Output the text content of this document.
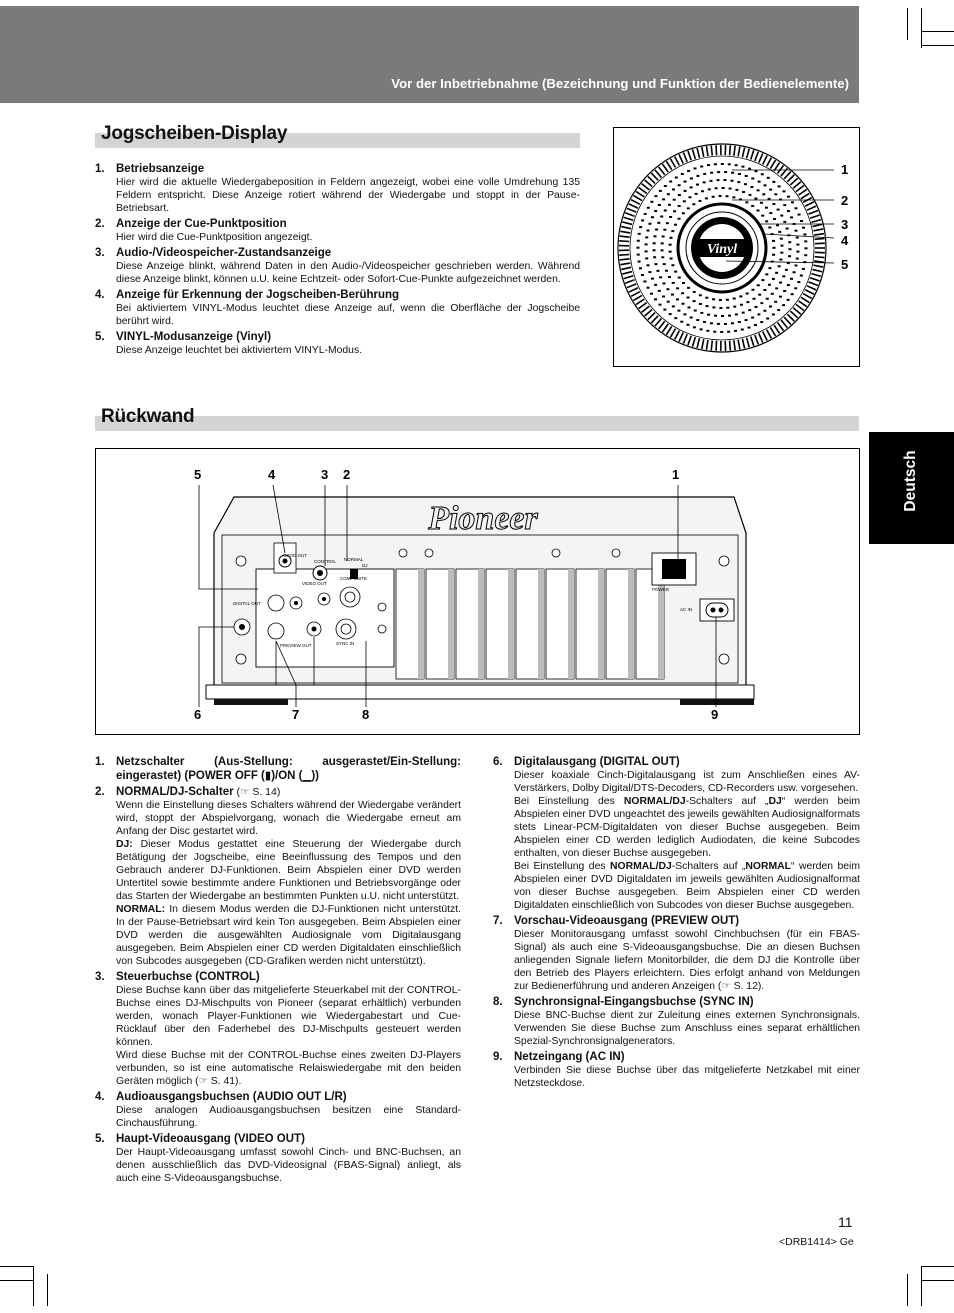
Vor der Inbetriebnahme (Bezeichnung und Funktion der Bedienelemente)
Jogscheiben-Display
1. Betriebsanzeige
Hier wird die aktuelle Wiedergabeposition in Feldern angezeigt, wobei eine volle Umdrehung 135 Feldern entspricht. Diese Anzeige rotiert während der Wiedergabe und stoppt in der Pause-Betriebsart.
2. Anzeige der Cue-Punktposition
Hier wird die Cue-Punktposition angezeigt.
3. Audio-/Videospeicher-Zustandsanzeige
Diese Anzeige blinkt, während Daten in den Audio-/Videospeicher geschrieben werden. Während diese Anzeige blinkt, können u.U. keine Echtzeit- oder Sofort-Cue-Punkte aufgezeichnet werden.
4. Anzeige für Erkennung der Jogscheiben-Berührung
Bei aktiviertem VINYL-Modus leuchtet diese Anzeige auf, wenn die Oberfläche der Jogscheibe berührt wird.
5. VINYL-Modusanzeige (Vinyl)
Diese Anzeige leuchtet bei aktiviertem VINYL-Modus.
Vinyl
1
2
3
4
5
Rückwand
5	4	3 2	1
6	7	8	9
Pioneer
AUDIO OUT
CONTROL NORMAL
DJ
COMPOSITE
VIDEO OUT
DIGITAL OUT
PREVIEW OUT	SYNC IN
POWER
AC IN
Deutsch
1. Netzschalter (Aus-Stellung: ausgerastet/Ein-Stellung: eingerastet) (POWER OFF (▮)/ON (▁))
2. NORMAL/DJ-Schalter (☞ S. 14)
Wenn die Einstellung dieses Schalters während der Wiedergabe verändert wird, stoppt der Abspielvorgang, wonach die Wiedergabe erneut am Anfang der Disc gestartet wird.
DJ: Dieser Modus gestattet eine Steuerung der Wiedergabe durch Betätigung der Jogscheibe, eine Beeinflussung des Tempos und den Gebrauch anderer DJ-Funktionen. Beim Abspielen einer DVD werden Untertitel sowie bestimmte andere Funktionen und Betriebsvorgänge oder das Starten der Wiedergabe an bestimmten Punkten u.U. nicht unterstützt.
NORMAL: In diesem Modus werden die DJ-Funktionen nicht unterstützt. In der Pause-Betriebsart wird kein Ton ausgegeben. Beim Abspielen einer DVD werden die ausgewählten Audiosignale vom Digitalausgang ausgegeben. Beim Abspielen einer CD werden Digitaldaten einschließlich von Subcodes ausgegeben (CD-Grafiken werden nicht unterstützt).
3. Steuerbuchse (CONTROL)
Diese Buchse kann über das mitgelieferte Steuerkabel mit der CONTROL-Buchse eines DJ-Mischpults von Pioneer (separat erhältlich) verbunden werden, wonach Player-Funktionen wie Wiedergabestart und Cue-Rücklauf über den Faderhebel des DJ-Mischpults gesteuert werden können.
Wird diese Buchse mit der CONTROL-Buchse eines zweiten DJ-Players verbunden, so ist eine automatische Relaiswiedergabe mit den beiden Geräten möglich (☞ S. 41).
4. Audioausgangsbuchsen (AUDIO OUT L/R)
Diese analogen Audioausgangsbuchsen besitzen eine Standard-Cinchausführung.
5. Haupt-Videoausgang (VIDEO OUT)
Der Haupt-Videoausgang umfasst sowohl Cinch- und BNC-Buchsen, an denen ausschließlich das DVD-Videosignal (FBAS-Signal) anliegt, als auch eine S-Videoausgangsbuchse.
6. Digitalausgang (DIGITAL OUT)
Dieser koaxiale Cinch-Digitalausgang ist zum Anschließen eines AV-Verstärkers, Dolby Digital/DTS-Decoders, CD-Recorders usw. vorgesehen.
Bei Einstellung des NORMAL/DJ-Schalters auf „DJ“ werden beim Abspielen einer DVD ungeachtet des jeweils gewählten Audiosignalformats stets Linear-PCM-Digitaldaten von dieser Buchse ausgegeben. Beim Abspielen einer CD werden lediglich Audiodaten, die keine Subcodes enthalten, von dieser Buchse ausgegeben.
Bei Einstellung des NORMAL/DJ-Schalters auf „NORMAL“ werden beim Abspielen einer DVD Digitaldaten im jeweils gewählten Audiosignalformat von dieser Buchse ausgegeben. Beim Abspielen einer CD werden Digitaldaten einschließlich von Subcodes von dieser Buchse ausgegeben.
7. Vorschau-Videoausgang (PREVIEW OUT)
Dieser Monitorausgang umfasst sowohl Cinchbuchsen (für ein FBAS-Signal) als auch eine S-Videoausgangsbuchse. Die an diesen Buchsen anliegenden Signale liefern Monitorbilder, die dem DJ die Kontrolle über den Betrieb des Players erleichtern. Dies erfolgt anhand von Meldungen zur Bedienerführung und anderen Anzeigen (☞ S. 12).
8. Synchronsignal-Eingangsbuchse (SYNC IN)
Diese BNC-Buchse dient zur Zuleitung eines externen Synchronsignals. Verwenden Sie diese Buchse zum Anschluss eines separat erhältlichen Spezial-Synchronsignalgenerators.
9. Netzeingang (AC IN)
Verbinden Sie diese Buchse über das mitgelieferte Netzkabel mit einer Netzsteckdose.
11
<DRB1414> Ge
